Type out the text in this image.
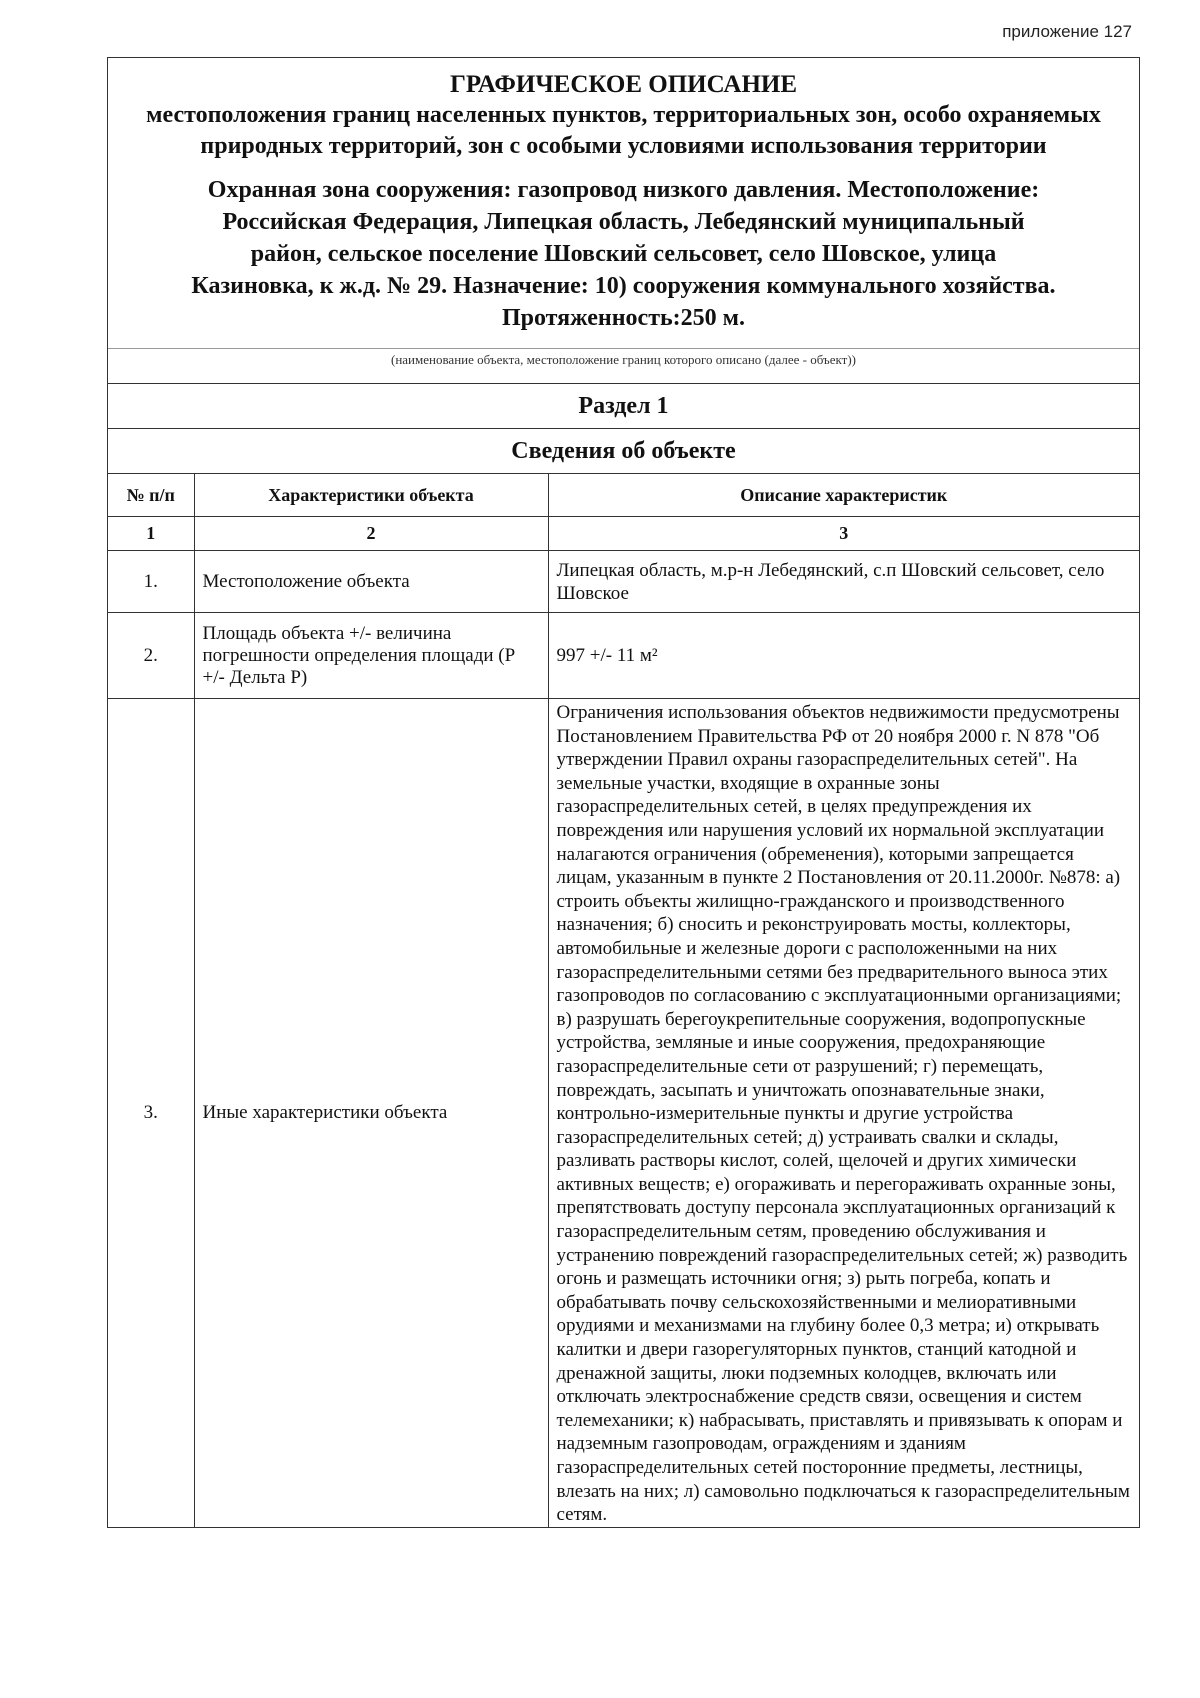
приложение 127
ГРАФИЧЕСКОЕ ОПИСАНИЕ
местоположения границ населенных пунктов, территориальных зон, особо охраняемых природных территорий, зон с особыми условиями использования территории
Охранная зона сооружения: газопровод низкого давления. Местоположение:
Российская Федерация, Липецкая область, Лебедянский муниципальный
район, сельское поселение Шовский сельсовет, село Шовское, улица
Казиновка, к ж.д. № 29. Назначение: 10) сооружения коммунального хозяйства.
Протяженность:250 м.
(наименование объекта, местоположение границ которого описано (далее - объект))
Раздел 1
Сведения об объекте
№ п/п	Характеристики объекта	Описание характеристик
1	2	3
1.	Местоположение объекта	Липецкая область, м.р-н Лебедянский, с.п Шовский сельсовет, село Шовское
2.	Площадь объекта +/- величина погрешности определения площади (P +/- Дельта P)	997 +/- 11 м²
3.	Иные характеристики объекта	Ограничения использования объектов недвижимости предусмотрены Постановлением Правительства РФ от 20 ноября 2000 г. N 878 "Об утверждении Правил охраны газораспределительных сетей". На земельные участки, входящие в охранные зоны газораспределительных сетей, в целях предупреждения их повреждения или нарушения условий их нормальной эксплуатации налагаются ограничения (обременения), которыми запрещается лицам, указанным в пункте 2 Постановления от 20.11.2000г. №878: а) строить объекты жилищно-гражданского и производственного назначения; б) сносить и реконструировать мосты, коллекторы, автомобильные и железные дороги с расположенными на них газораспределительными сетями без предварительного выноса этих газопроводов по согласованию с эксплуатационными организациями; в) разрушать берегоукрепительные сооружения, водопропускные устройства, земляные и иные сооружения, предохраняющие газораспределительные сети от разрушений; г) перемещать, повреждать, засыпать и уничтожать опознавательные знаки, контрольно-измерительные пункты и другие устройства газораспределительных сетей; д) устраивать свалки и склады, разливать растворы кислот, солей, щелочей и других химически активных веществ; е) огораживать и перегораживать охранные зоны, препятствовать доступу персонала эксплуатационных организаций к газораспределительным сетям, проведению обслуживания и устранению повреждений газораспределительных сетей; ж) разводить огонь и размещать источники огня; з) рыть погреба, копать и обрабатывать почву сельскохозяйственными и мелиоративными орудиями и механизмами на глубину более 0,3 метра; и) открывать калитки и двери газорегуляторных пунктов, станций катодной и дренажной защиты, люки подземных колодцев, включать или отключать электроснабжение средств связи, освещения и систем телемеханики; к) набрасывать, приставлять и привязывать к опорам и надземным газопроводам, ограждениям и зданиям газораспределительных сетей посторонние предметы, лестницы, влезать на них; л) самовольно подключаться к газораспределительным сетям.
